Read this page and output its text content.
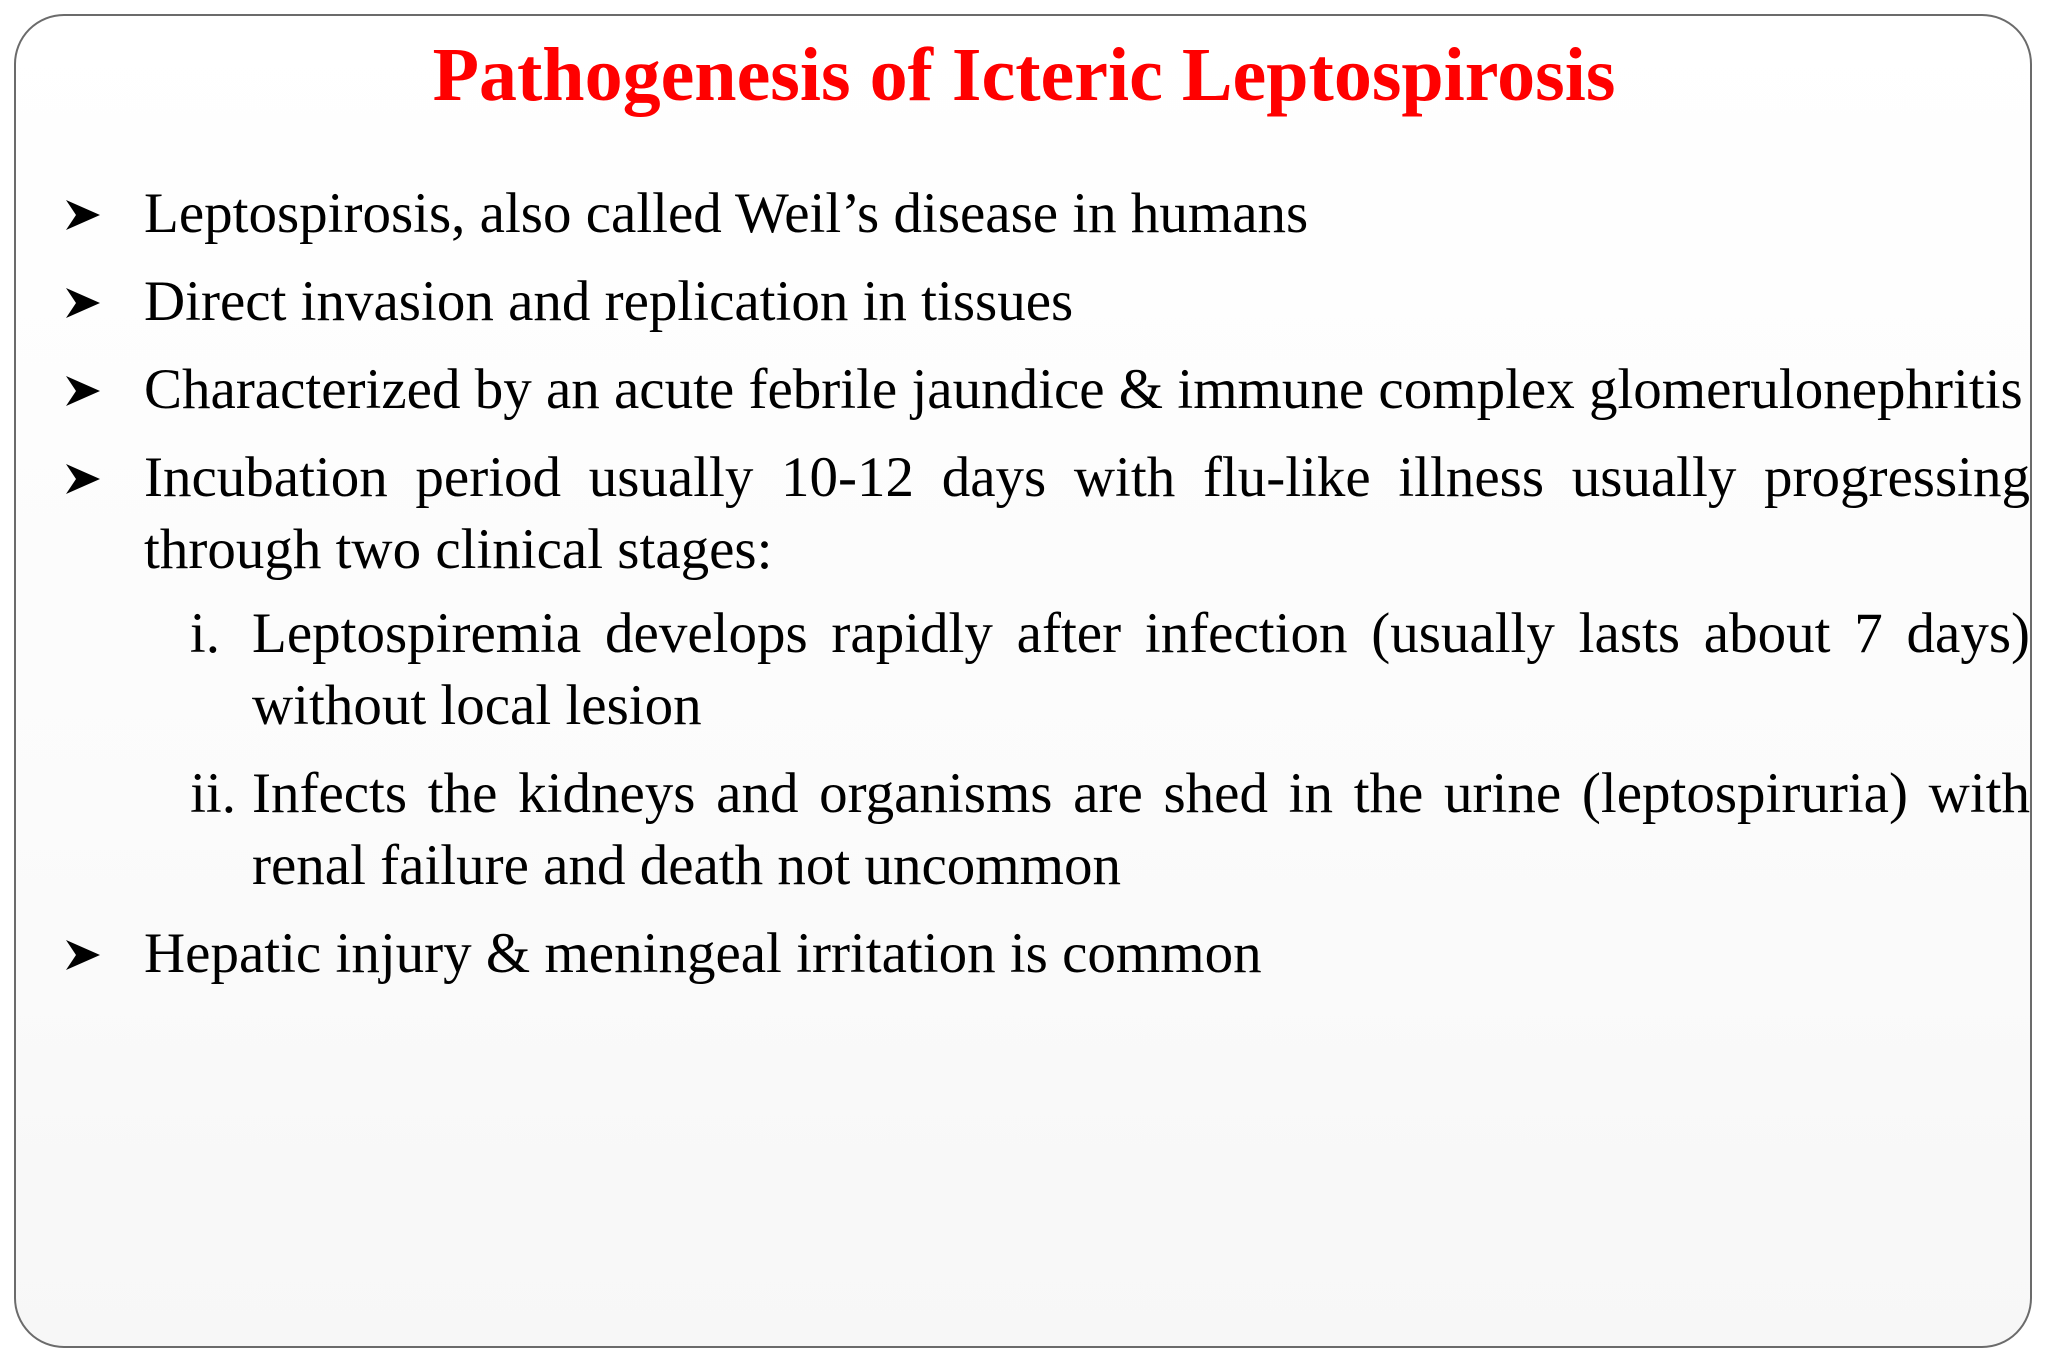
Pathogenesis of Icteric Leptospirosis
Leptospirosis, also called Weil’s disease in humans
Direct invasion and replication in tissues
Characterized by an acute febrile jaundice & immune complex glomerulonephritis
Incubation period usually 10-12 days with flu-like illness usually progressing through two clinical stages:
i. Leptospiremia develops rapidly after infection (usually lasts about 7 days) without local lesion
ii. Infects the kidneys and organisms are shed in the urine (leptospiruria) with renal failure and death not uncommon
Hepatic injury & meningeal irritation is common
